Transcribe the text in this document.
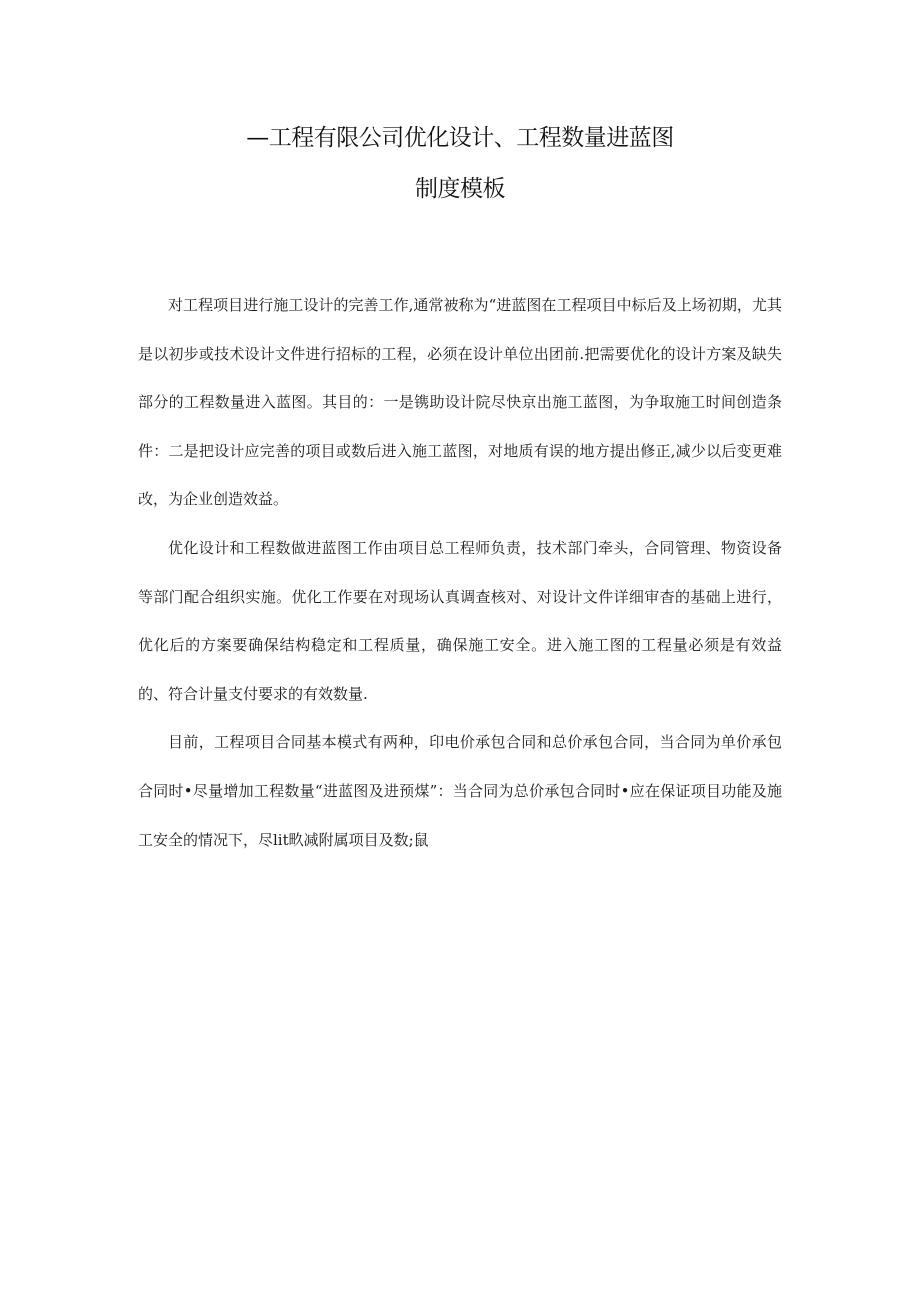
—工程有限公司优化设计、工程数量进蓝图
制度模板

对工程项目进行施工设计的完善工作,通常被称为“进蓝图在工程项目中标后及上场初期，尤其是以初步或技术设计文件进行招标的工程，必须在设计单位出团前.把需要优化的设计方案及缺失部分的工程数量进入蓝图。其目的：一是镌助设计院尽快京出施工蓝图，为争取施工时间创造条件：二是把设计应完善的项目或数后进入施工蓝图，对地质有误的地方提出修正,减少以后变更难改，为企业创造效益。

优化设计和工程数做进蓝图工作由项目总工程师负责，技术部门牵头，合同管理、物资设备等部门配合组织实施。优化工作要在对现场认真调查核对、对设计文件详细审杳的基础上进行，优化后的方案要确保结构稳定和工程质量，确保施工安全。进入施工图的工程量必须是有效益的、符合计量支付要求的有效数量.

目前，工程项目合同基本模式有两种，印电价承包合同和总价承包合同，当合同为单价承包合同时•尽量增加工程数量“进蓝图及进预煤”：当合同为总价承包合同时•应在保证项目功能及施工安全的情况下，尽lit畂减附属项目及数;鼠
